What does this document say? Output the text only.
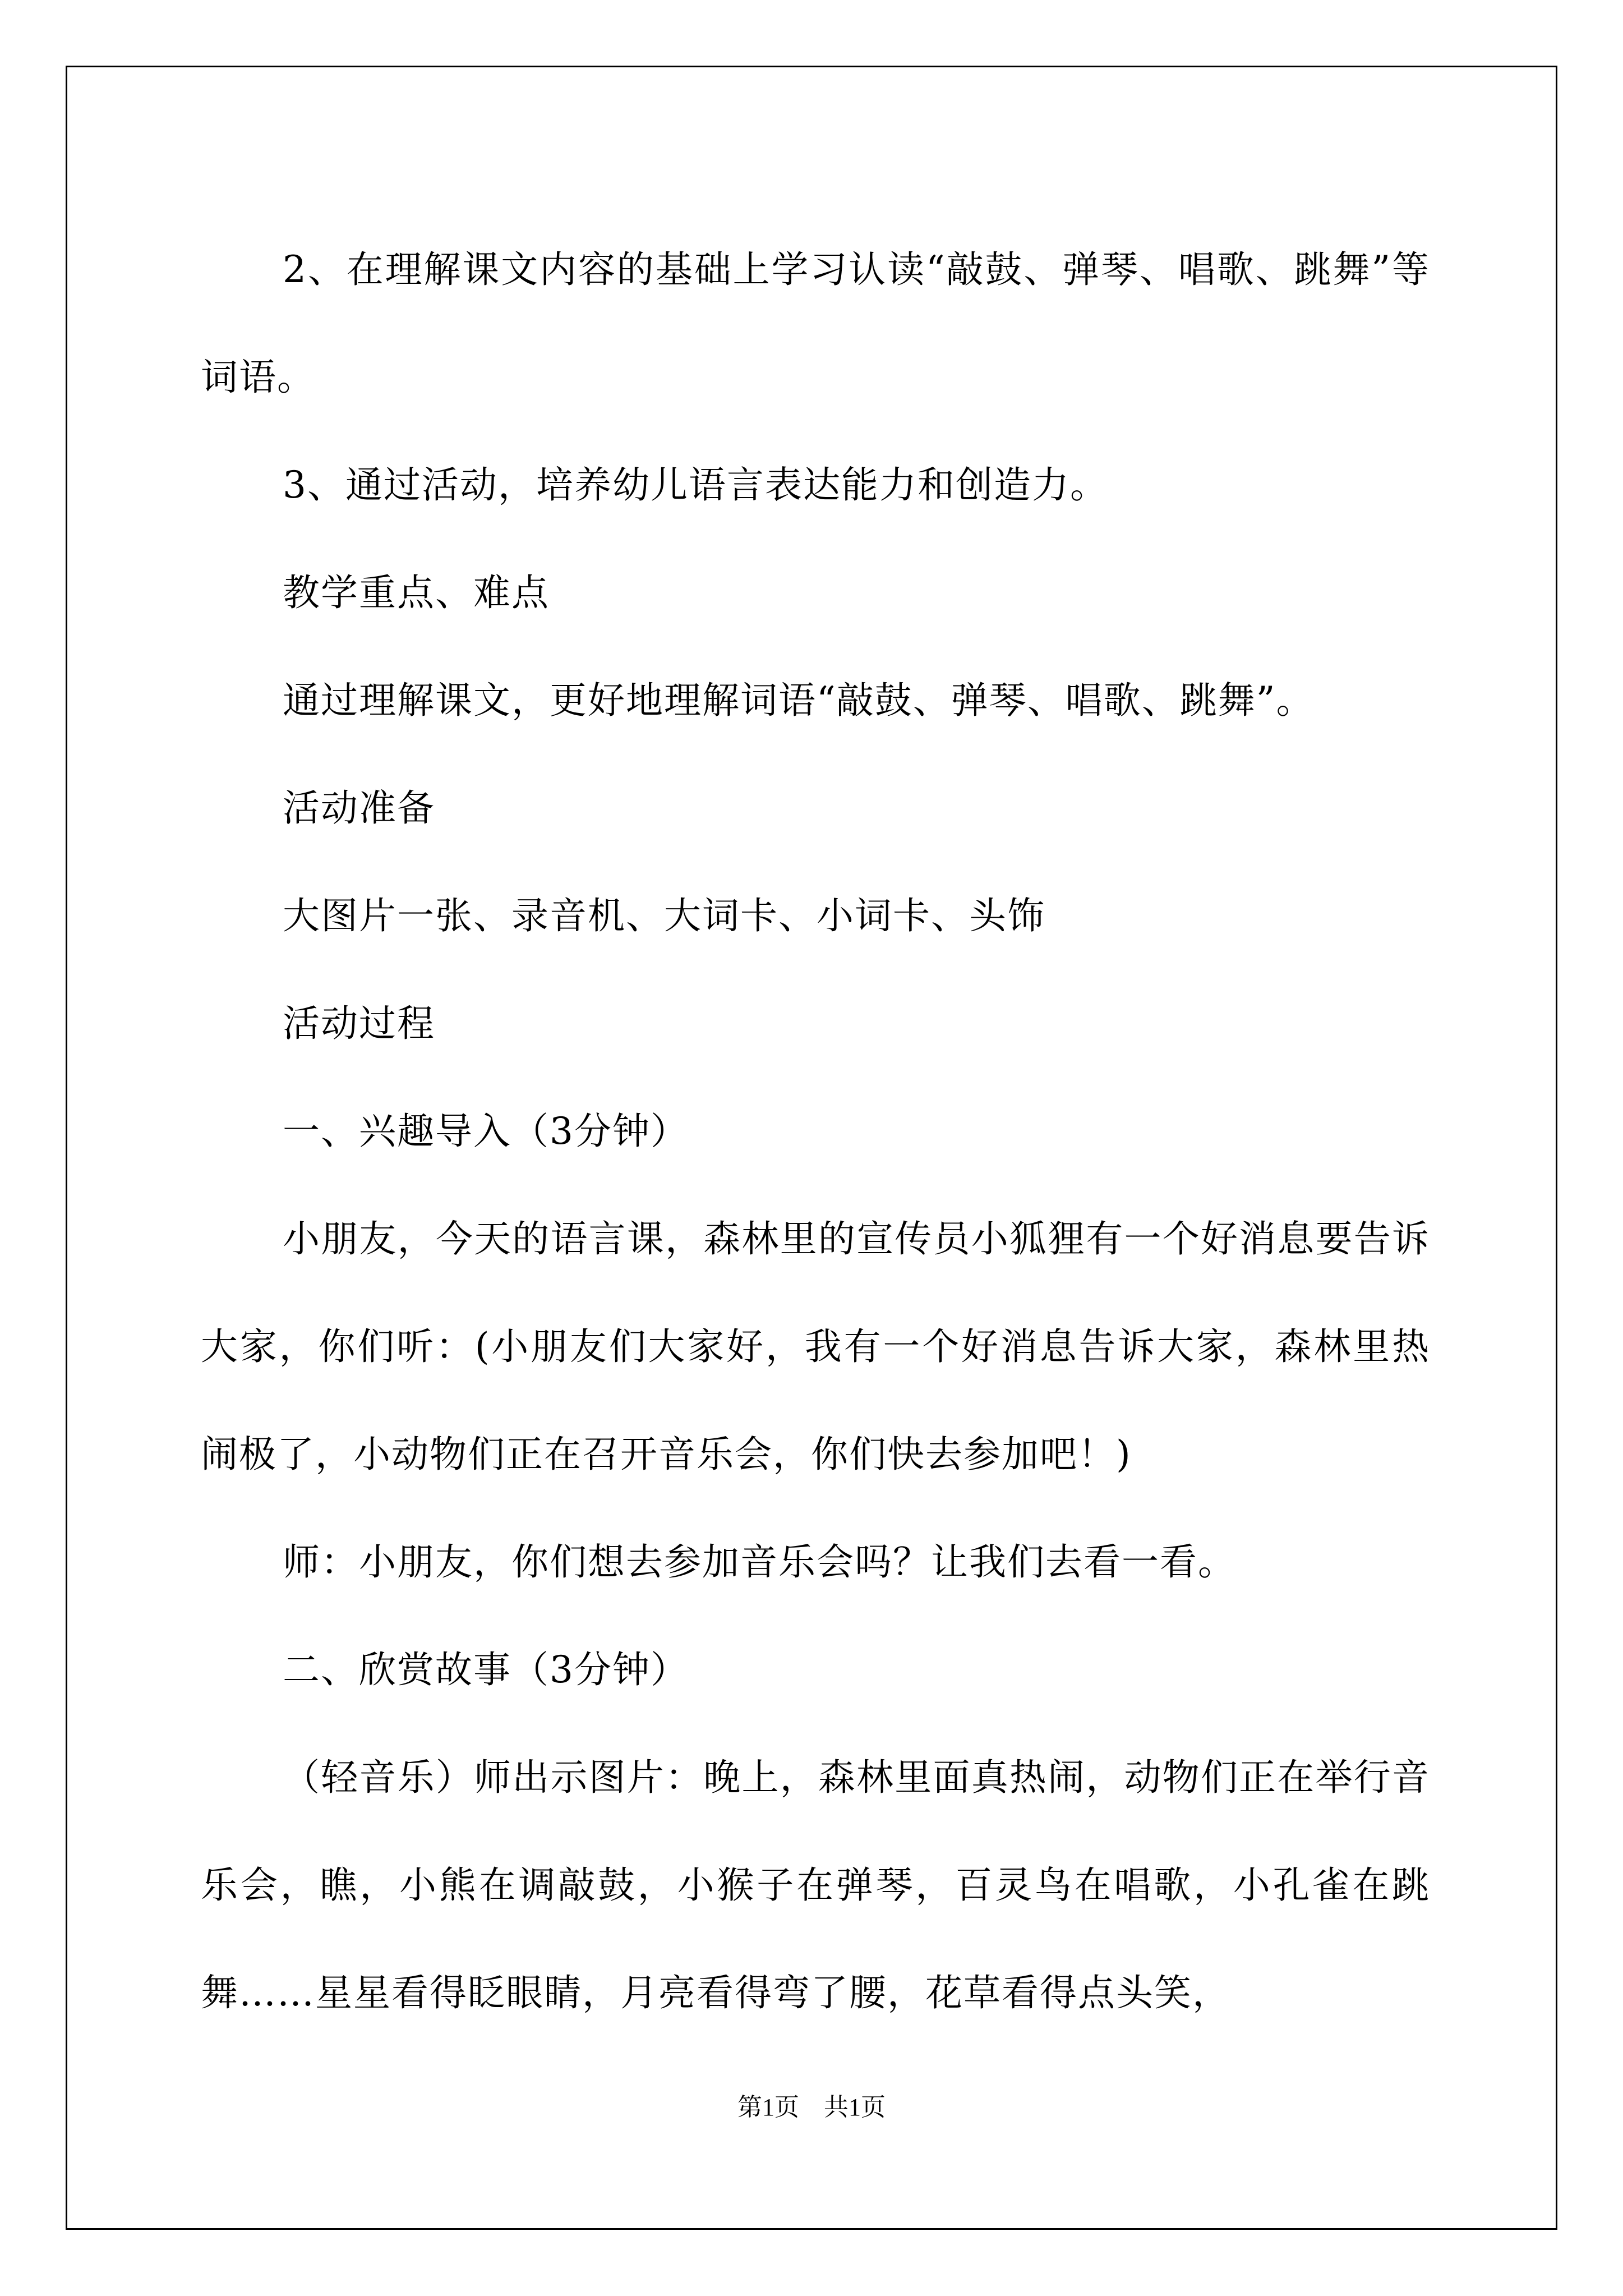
2、在理解课文内容的基础上学习认读“敲鼓、弹琴、唱歌、跳舞”等词语。

3、通过活动，培养幼儿语言表达能力和创造力。

教学重点、难点

通过理解课文，更好地理解词语“敲鼓、弹琴、唱歌、跳舞”。

活动准备

大图片一张、录音机、大词卡、小词卡、头饰

活动过程

一、兴趣导入（3分钟）

小朋友，今天的语言课，森林里的宣传员小狐狸有一个好消息要告诉大家，你们听：(小朋友们大家好，我有一个好消息告诉大家，森林里热闹极了，小动物们正在召开音乐会，你们快去参加吧！)

师：小朋友，你们想去参加音乐会吗？让我们去看一看。

二、欣赏故事（3分钟）

（轻音乐）师出示图片：晚上，森林里面真热闹，动物们正在举行音乐会，瞧，小熊在调敲鼓，小猴子在弹琴，百灵鸟在唱歌，小孔雀在跳舞……星星看得眨眼睛，月亮看得弯了腰，花草看得点头笑，

第1页　共1页
